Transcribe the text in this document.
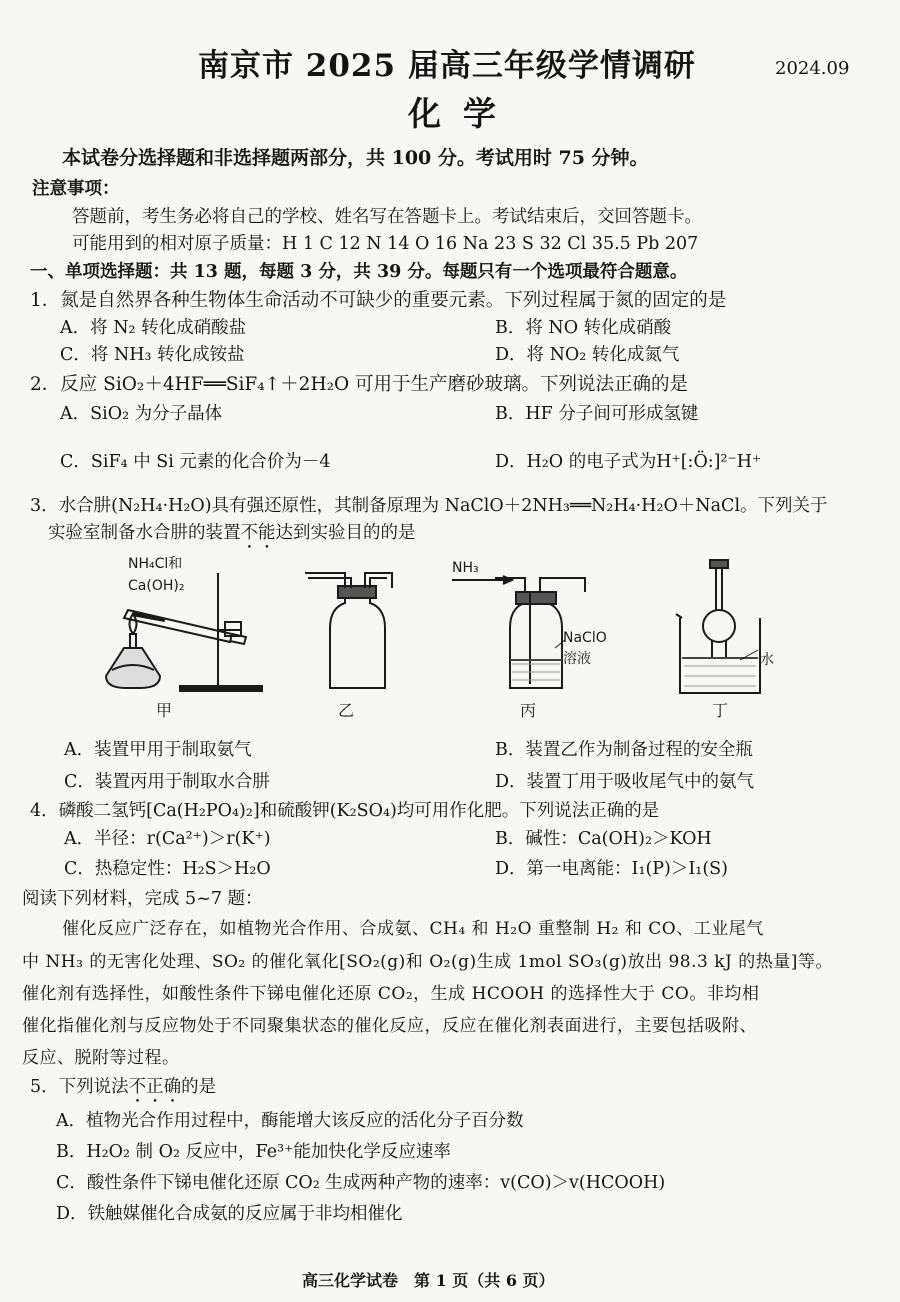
南京市 2025 届高三年级学情调研	2024.09
化学
本试卷分选择题和非选择题两部分，共 100 分。考试用时 75 分钟。
注意事项：
答题前，考生务必将自己的学校、姓名写在答题卡上。考试结束后，交回答题卡。
可能用到的相对原子质量：H 1 C 12 N 14 O 16 Na 23 S 32 Cl 35.5 Pb 207
一、单项选择题：共 13 题，每题 3 分，共 39 分。每题只有一个选项最符合题意。
1．氮是自然界各种生物体生命活动不可缺少的重要元素。下列过程属于氮的固定的是
A．将 N₂ 转化成硝酸盐	B．将 NO 转化成硝酸
C．将 NH₃ 转化成铵盐	D．将 NO₂ 转化成氮气
2．反应 SiO₂＋4HF══SiF₄↑＋2H₂O 可用于生产磨砂玻璃。下列说法正确的是
A．SiO₂ 为分子晶体	B．HF 分子间可形成氢键
C．SiF₄ 中 Si 元素的化合价为－4	D．H₂O 的电子式为H⁺[:Ö:]²⁻H⁺
3．水合肼(N₂H₄·H₂O)具有强还原性，其制备原理为 NaClO＋2NH₃══N₂H₄·H₂O＋NaCl。下列关于
实验室制备水合肼的装置不能达到实验目的的是
NH₄Cl和
Ca(OH)₂
NH₃
NaClO
溶液	水
甲	乙	丙	丁
A．装置甲用于制取氨气	B．装置乙作为制备过程的安全瓶
C．装置丙用于制取水合肼	D．装置丁用于吸收尾气中的氨气
4．磷酸二氢钙[Ca(H₂PO₄)₂]和硫酸钾(K₂SO₄)均可用作化肥。下列说法正确的是
A．半径：r(Ca²⁺)＞r(K⁺)	B．碱性：Ca(OH)₂＞KOH
C．热稳定性：H₂S＞H₂O	D．第一电离能：I₁(P)＞I₁(S)
阅读下列材料，完成 5~7 题：
催化反应广泛存在，如植物光合作用、合成氨、CH₄ 和 H₂O 重整制 H₂ 和 CO、工业尾气
中 NH₃ 的无害化处理、SO₂ 的催化氧化[SO₂(g)和 O₂(g)生成 1mol SO₃(g)放出 98.3 kJ 的热量]等。
催化剂有选择性，如酸性条件下锑电催化还原 CO₂，生成 HCOOH 的选择性大于 CO。非均相
催化指催化剂与反应物处于不同聚集状态的催化反应，反应在催化剂表面进行，主要包括吸附、
反应、脱附等过程。
5．下列说法不正确的是
A．植物光合作用过程中，酶能增大该反应的活化分子百分数
B．H₂O₂ 制 O₂ 反应中，Fe³⁺能加快化学反应速率
C．酸性条件下锑电催化还原 CO₂ 生成两种产物的速率：v(CO)＞v(HCOOH)
D．铁触媒催化合成氨的反应属于非均相催化
高三化学试卷　第 1 页（共 6 页）
